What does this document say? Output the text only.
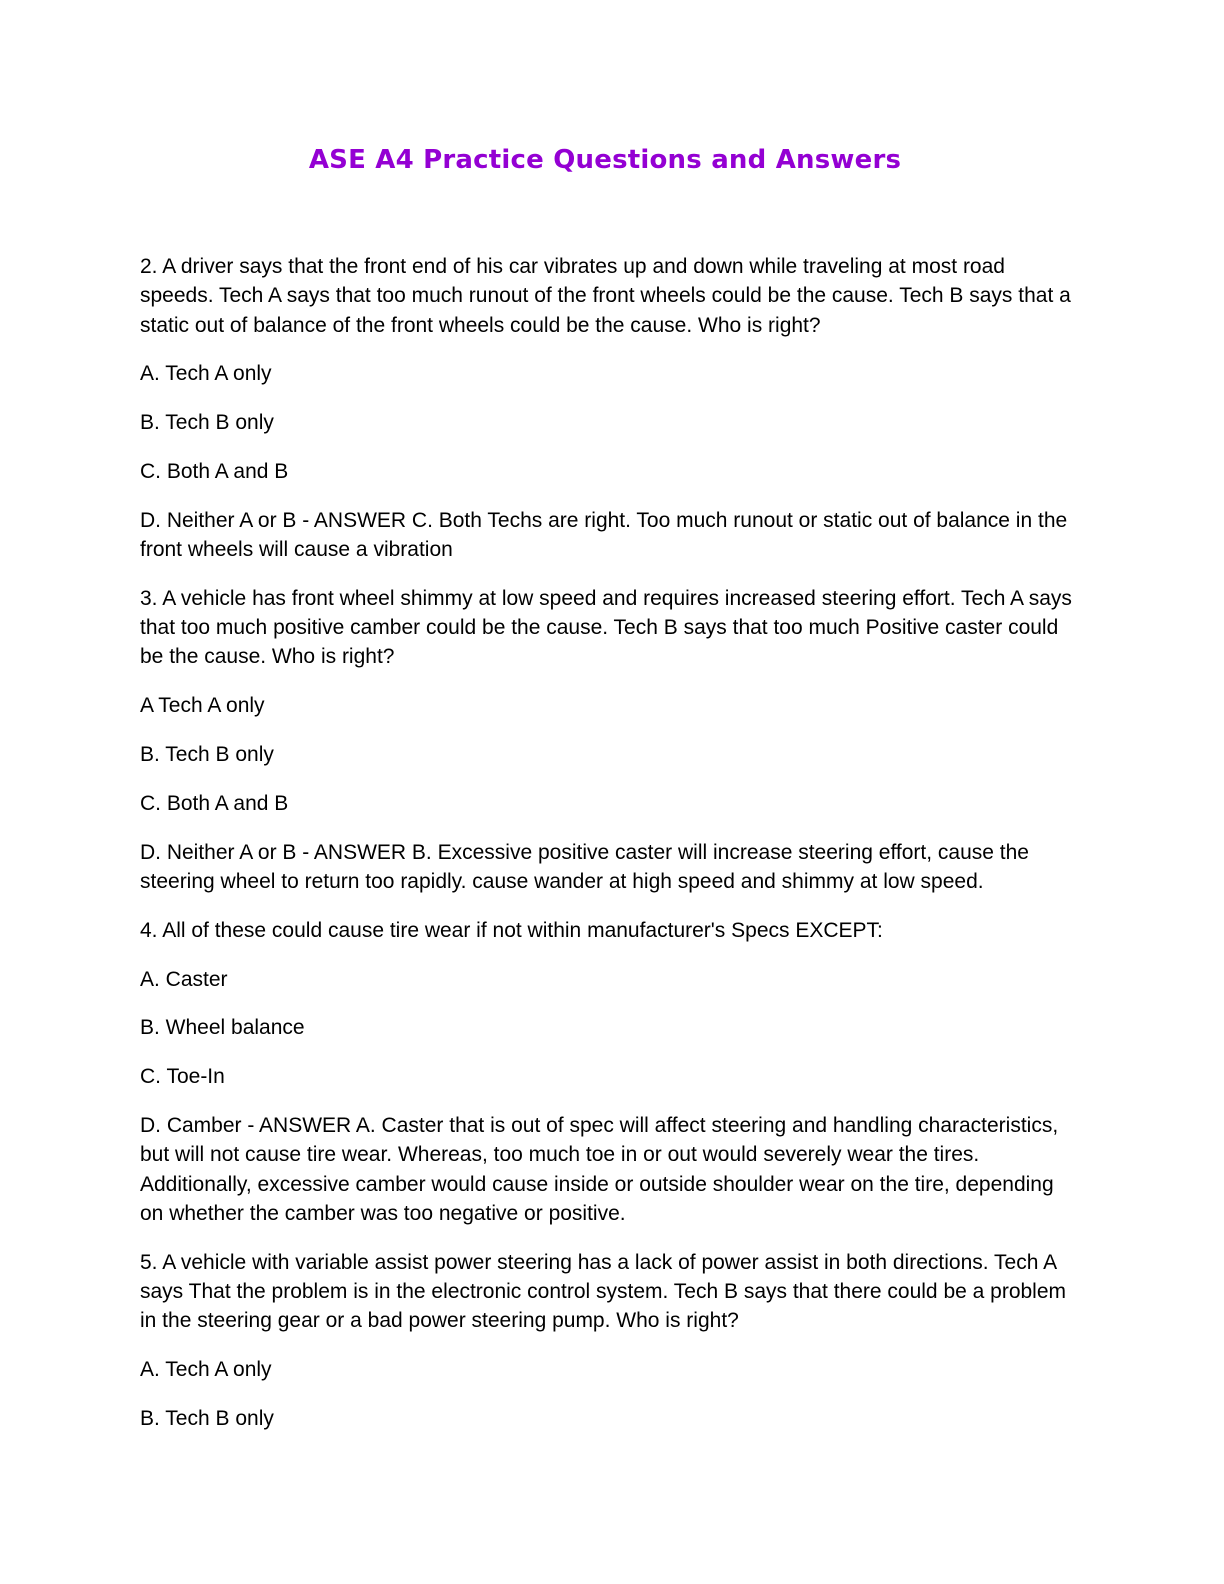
ASE A4 Practice Questions and Answers

2. A driver says that the front end of his car vibrates up and down while traveling at most road speeds. Tech A says that too much runout of the front wheels could be the cause. Tech B says that a static out of balance of the front wheels could be the cause. Who is right?

A. Tech A only

B. Tech B only

C. Both A and B

D. Neither A or B - ANSWER C. Both Techs are right. Too much runout or static out of balance in the front wheels will cause a vibration

3. A vehicle has front wheel shimmy at low speed and requires increased steering effort. Tech A says that too much positive camber could be the cause. Tech B says that too much Positive caster could be the cause. Who is right?

A Tech A only

B. Tech B only

C. Both A and B

D. Neither A or B - ANSWER B. Excessive positive caster will increase steering effort, cause the steering wheel to return too rapidly. cause wander at high speed and shimmy at low speed.

4. All of these could cause tire wear if not within manufacturer's Specs EXCEPT:

A. Caster

B. Wheel balance

C. Toe-In

D. Camber - ANSWER A. Caster that is out of spec will affect steering and handling characteristics, but will not cause tire wear. Whereas, too much toe in or out would severely wear the tires. Additionally, excessive camber would cause inside or outside shoulder wear on the tire, depending on whether the camber was too negative or positive.

5. A vehicle with variable assist power steering has a lack of power assist in both directions. Tech A says That the problem is in the electronic control system. Tech B says that there could be a problem in the steering gear or a bad power steering pump. Who is right?

A. Tech A only

B. Tech B only
